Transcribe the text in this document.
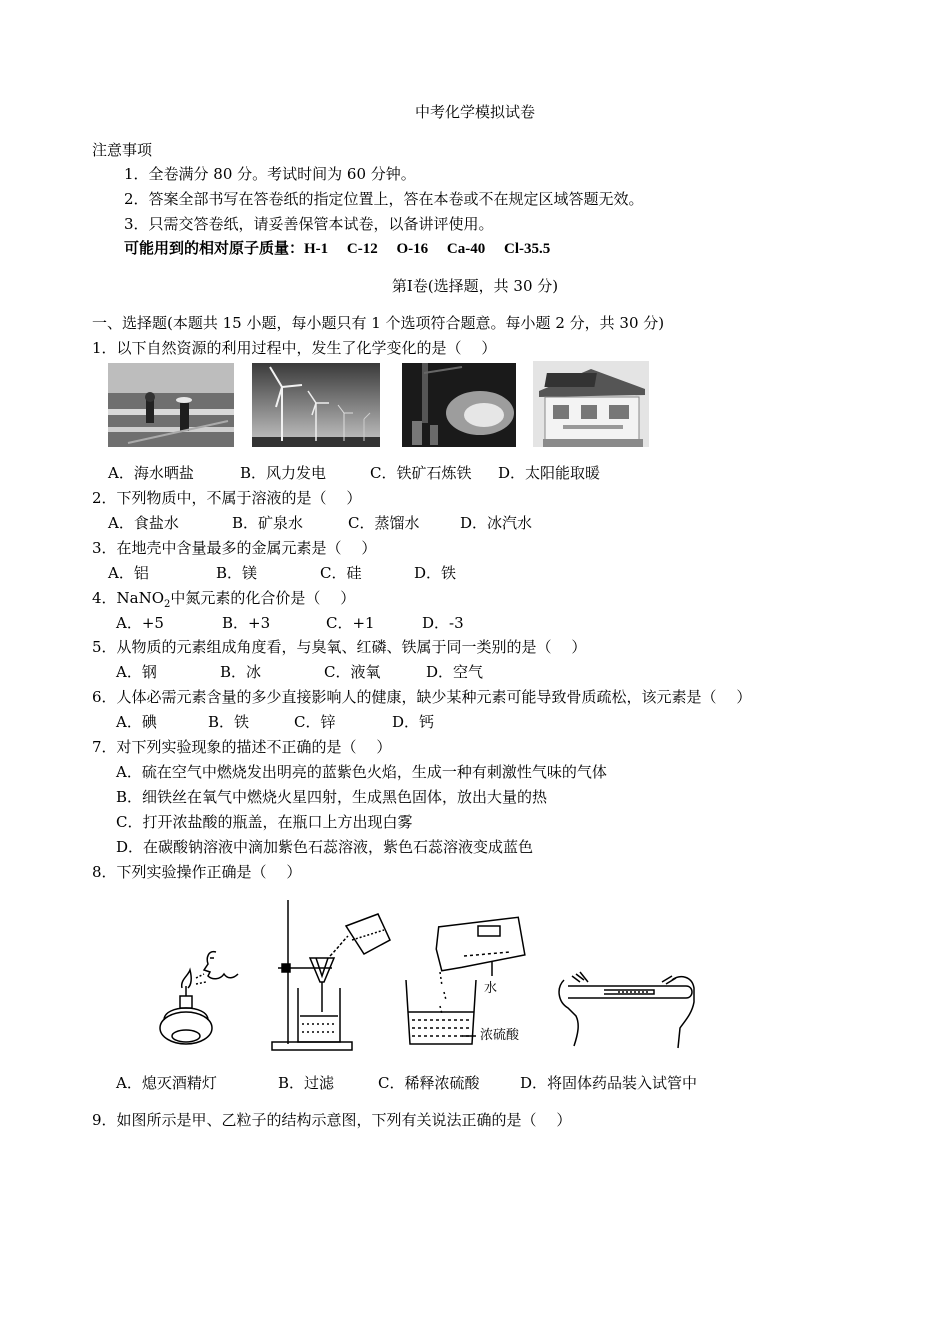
中考化学模拟试卷
注意事项
1．全卷满分 80 分。考试时间为 60 分钟。
2．答案全部书写在答卷纸的指定位置上，答在本卷或不在规定区域答题无效。
3．只需交答卷纸，请妥善保管本试卷，以备讲评使用。
可能用到的相对原子质量：H-1　 C-12　 O-16　 Ca-40　 Cl-35.5
第Ⅰ卷(选择题，共 30 分)
一、选择题(本题共 15 小题，每小题只有 1 个选项符合题意。每小题 2 分，共 30 分)
1．以下自然资源的利用过程中，发生了化学变化的是（　 ）
A．海水晒盐	B．风力发电	C．铁矿石炼铁 D．太阳能取暖
2．下列物质中，不属于溶液的是（　 ）
A．食盐水	B．矿泉水	C．蒸馏水	D．冰汽水
3．在地壳中含量最多的金属元素是（　 ）
A．铝	B．镁	C．硅	D．铁
4．NaNO$_2$中氮元素的化合价是（　 ）
A．+5	B．+3	C．+1	D．-3
5．从物质的元素组成角度看，与臭氧、红磷、铁属于同一类别的是（　 ）
A．钢	B．冰	C．液氧	D．空气
6．人体必需元素含量的多少直接影响人的健康，缺少某种元素可能导致骨质疏松，该元素是（　 ）
A．碘	B．铁	C．锌	D．钙
7．对下列实验现象的描述不正确的是（　 ）
A．硫在空气中燃烧发出明亮的蓝紫色火焰，生成一种有刺激性气味的气体
B．细铁丝在氧气中燃烧火星四射，生成黑色固体，放出大量的热
C．打开浓盐酸的瓶盖，在瓶口上方出现白雾
D．在碳酸钠溶液中滴加紫色石蕊溶液，紫色石蕊溶液变成蓝色
8．下列实验操作正确是（　 ）
水
浓硫酸
A．熄灭酒精灯	B．过滤	C．稀释浓硫酸	D．将固体药品装入试管中
9．如图所示是甲、乙粒子的结构示意图，下列有关说法正确的是（　 ）
